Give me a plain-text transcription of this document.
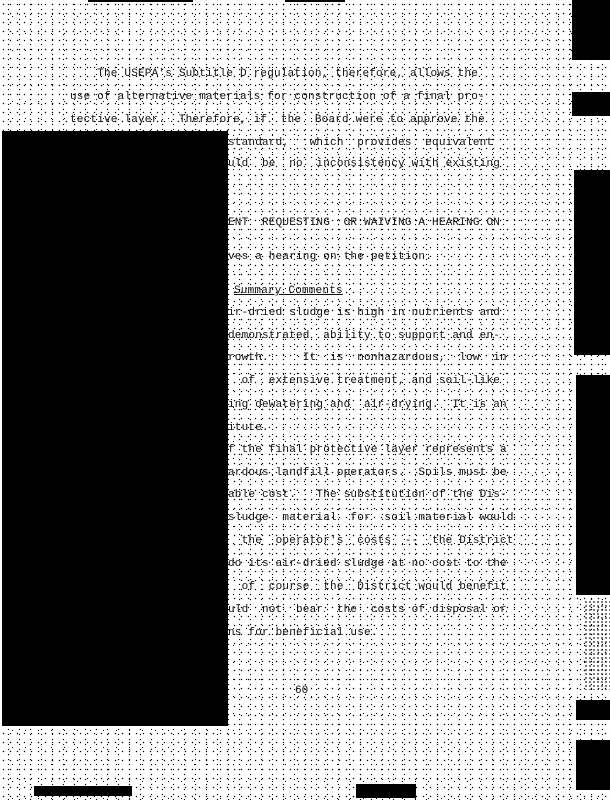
The USEPA's Subtitle D regulation, therefore, allows the
use of alternative materials for construction of a final pro-
tective layer.  Therefore, if  the  Board were to approve the
standard,   which  provides  equivalent
uld  be  no  inconsistency with existing
ENT  REQUESTING  OR WAIVING A HEARING ON
ves a hearing on the petition.
Summary Comments
ir-dried sludge is high in nutrients and
demonstrated  ability to support and en-
rowth.     It  is  nonhazardous,  low  in
of  extensive treatment, and soil-like
ing dewatering and  air-drying.  It is an
itute.
f the final protective layer represents a
ardous landfill operators.  Soils must be
able cost.   The substitution of the Dis-
sludge  material  for  soil material would
the  operator's  costs  --  the District
do its air-dried sludge at no cost to the
of  course  the  District would benefit
uld  not  bear  the  costs of disposal or
ns for beneficial use.
60
